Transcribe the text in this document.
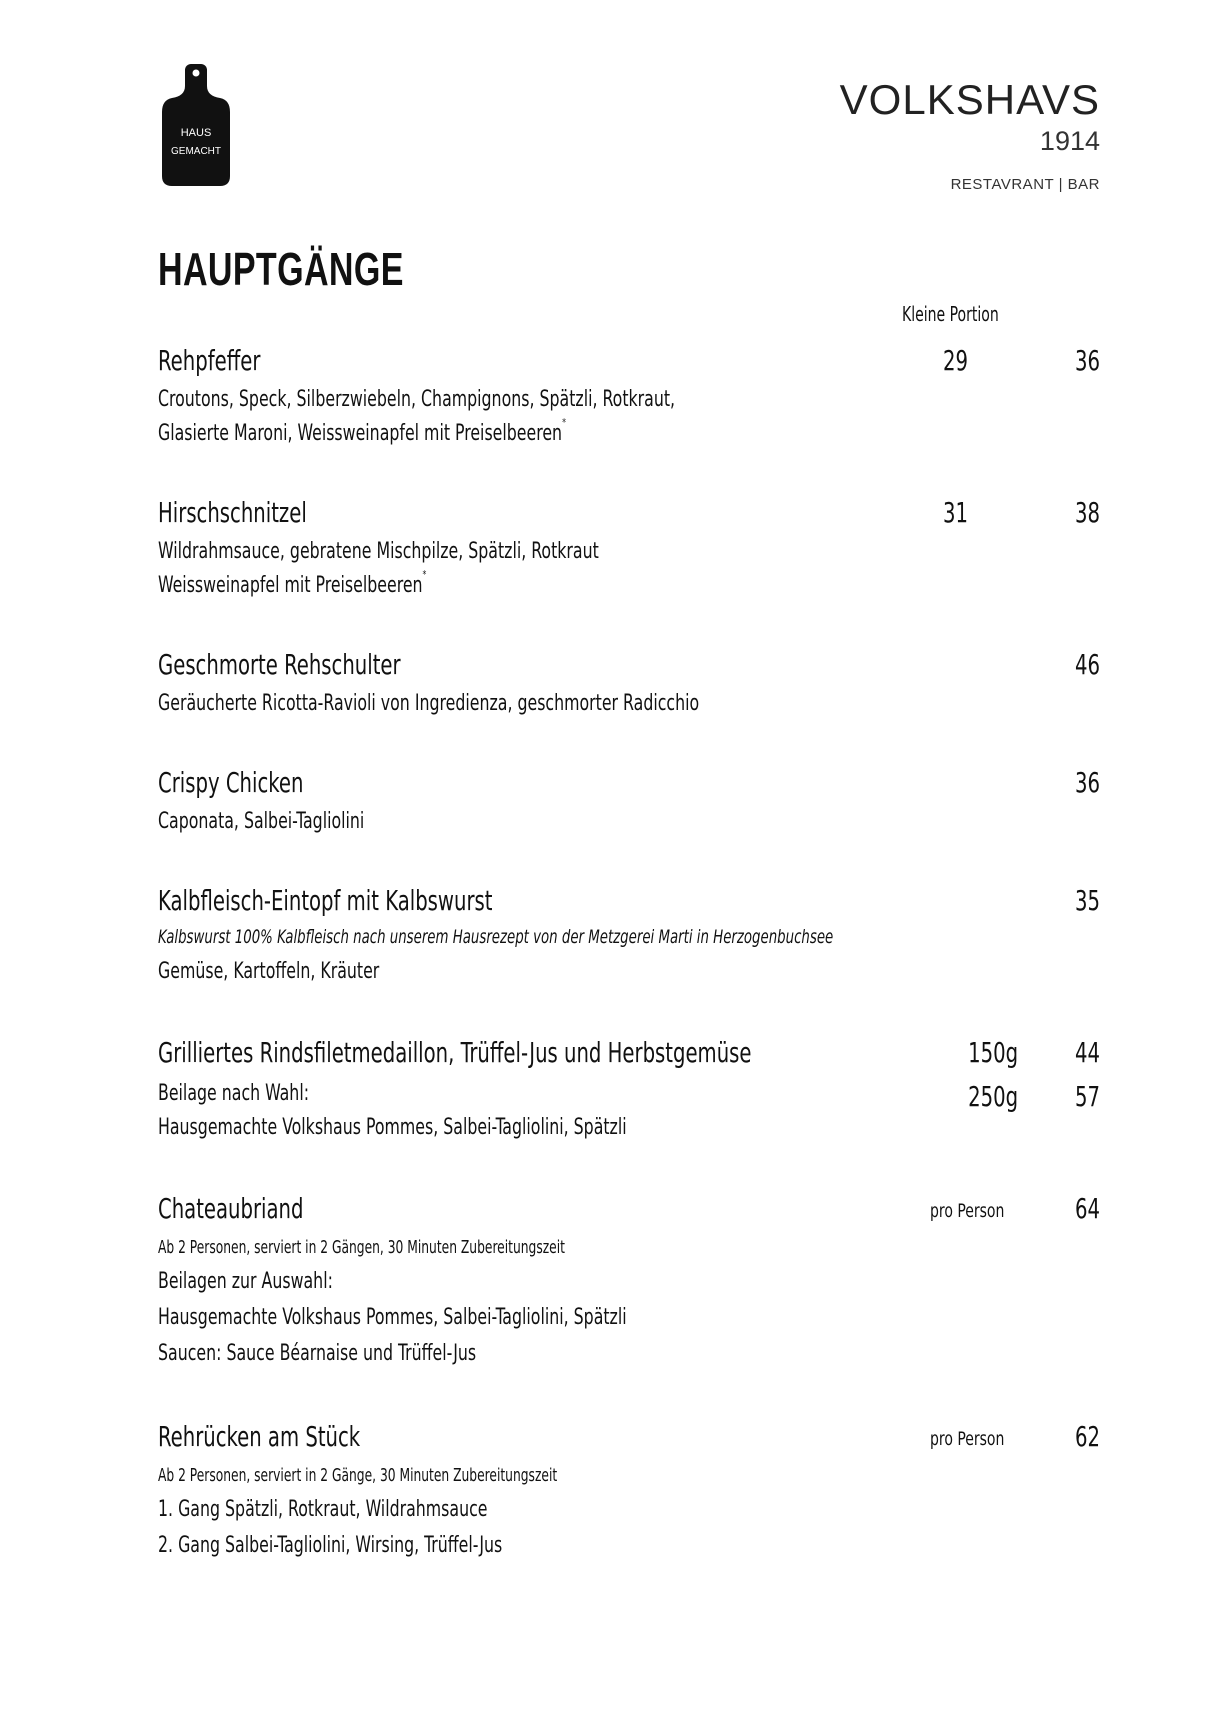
HAUS
GEMACHT
VOLKSHAVS
1914
RESTAVRANT | BAR
HAUPTGÄNGE
Kleine Portion
Rehpfeffer	29	36
Croutons, Speck, Silberzwiebeln, Champignons, Spätzli, Rotkraut,
Glasierte Maroni, Weissweinapfel mit Preiselbeeren*
Hirschschnitzel	31	38
Wildrahmsauce, gebratene Mischpilze, Spätzli, Rotkraut
Weissweinapfel mit Preiselbeeren*
Geschmorte Rehschulter	46
Geräucherte Ricotta-Ravioli von Ingredienza, geschmorter Radicchio
Crispy Chicken	36
Caponata, Salbei-Tagliolini
Kalbfleisch-Eintopf mit Kalbswurst	35
Kalbswurst 100% Kalbfleisch nach unserem Hausrezept von der Metzgerei Marti in Herzogenbuchsee
Gemüse, Kartoffeln, Kräuter
Grilliertes Rindsfiletmedaillon, Trüffel-Jus und Herbstgemüse	150g 44
Beilage nach Wahl:	250g 57
Hausgemachte Volkshaus Pommes, Salbei-Tagliolini, Spätzli
Chateaubriand	pro Person	64
Ab 2 Personen, serviert in 2 Gängen, 30 Minuten Zubereitungszeit
Beilagen zur Auswahl:
Hausgemachte Volkshaus Pommes, Salbei-Tagliolini, Spätzli
Saucen: Sauce Béarnaise und Trüffel-Jus
Rehrücken am Stück	pro Person	62
Ab 2 Personen, serviert in 2 Gänge, 30 Minuten Zubereitungszeit
1. Gang Spätzli, Rotkraut, Wildrahmsauce
2. Gang Salbei-Tagliolini, Wirsing, Trüffel-Jus
